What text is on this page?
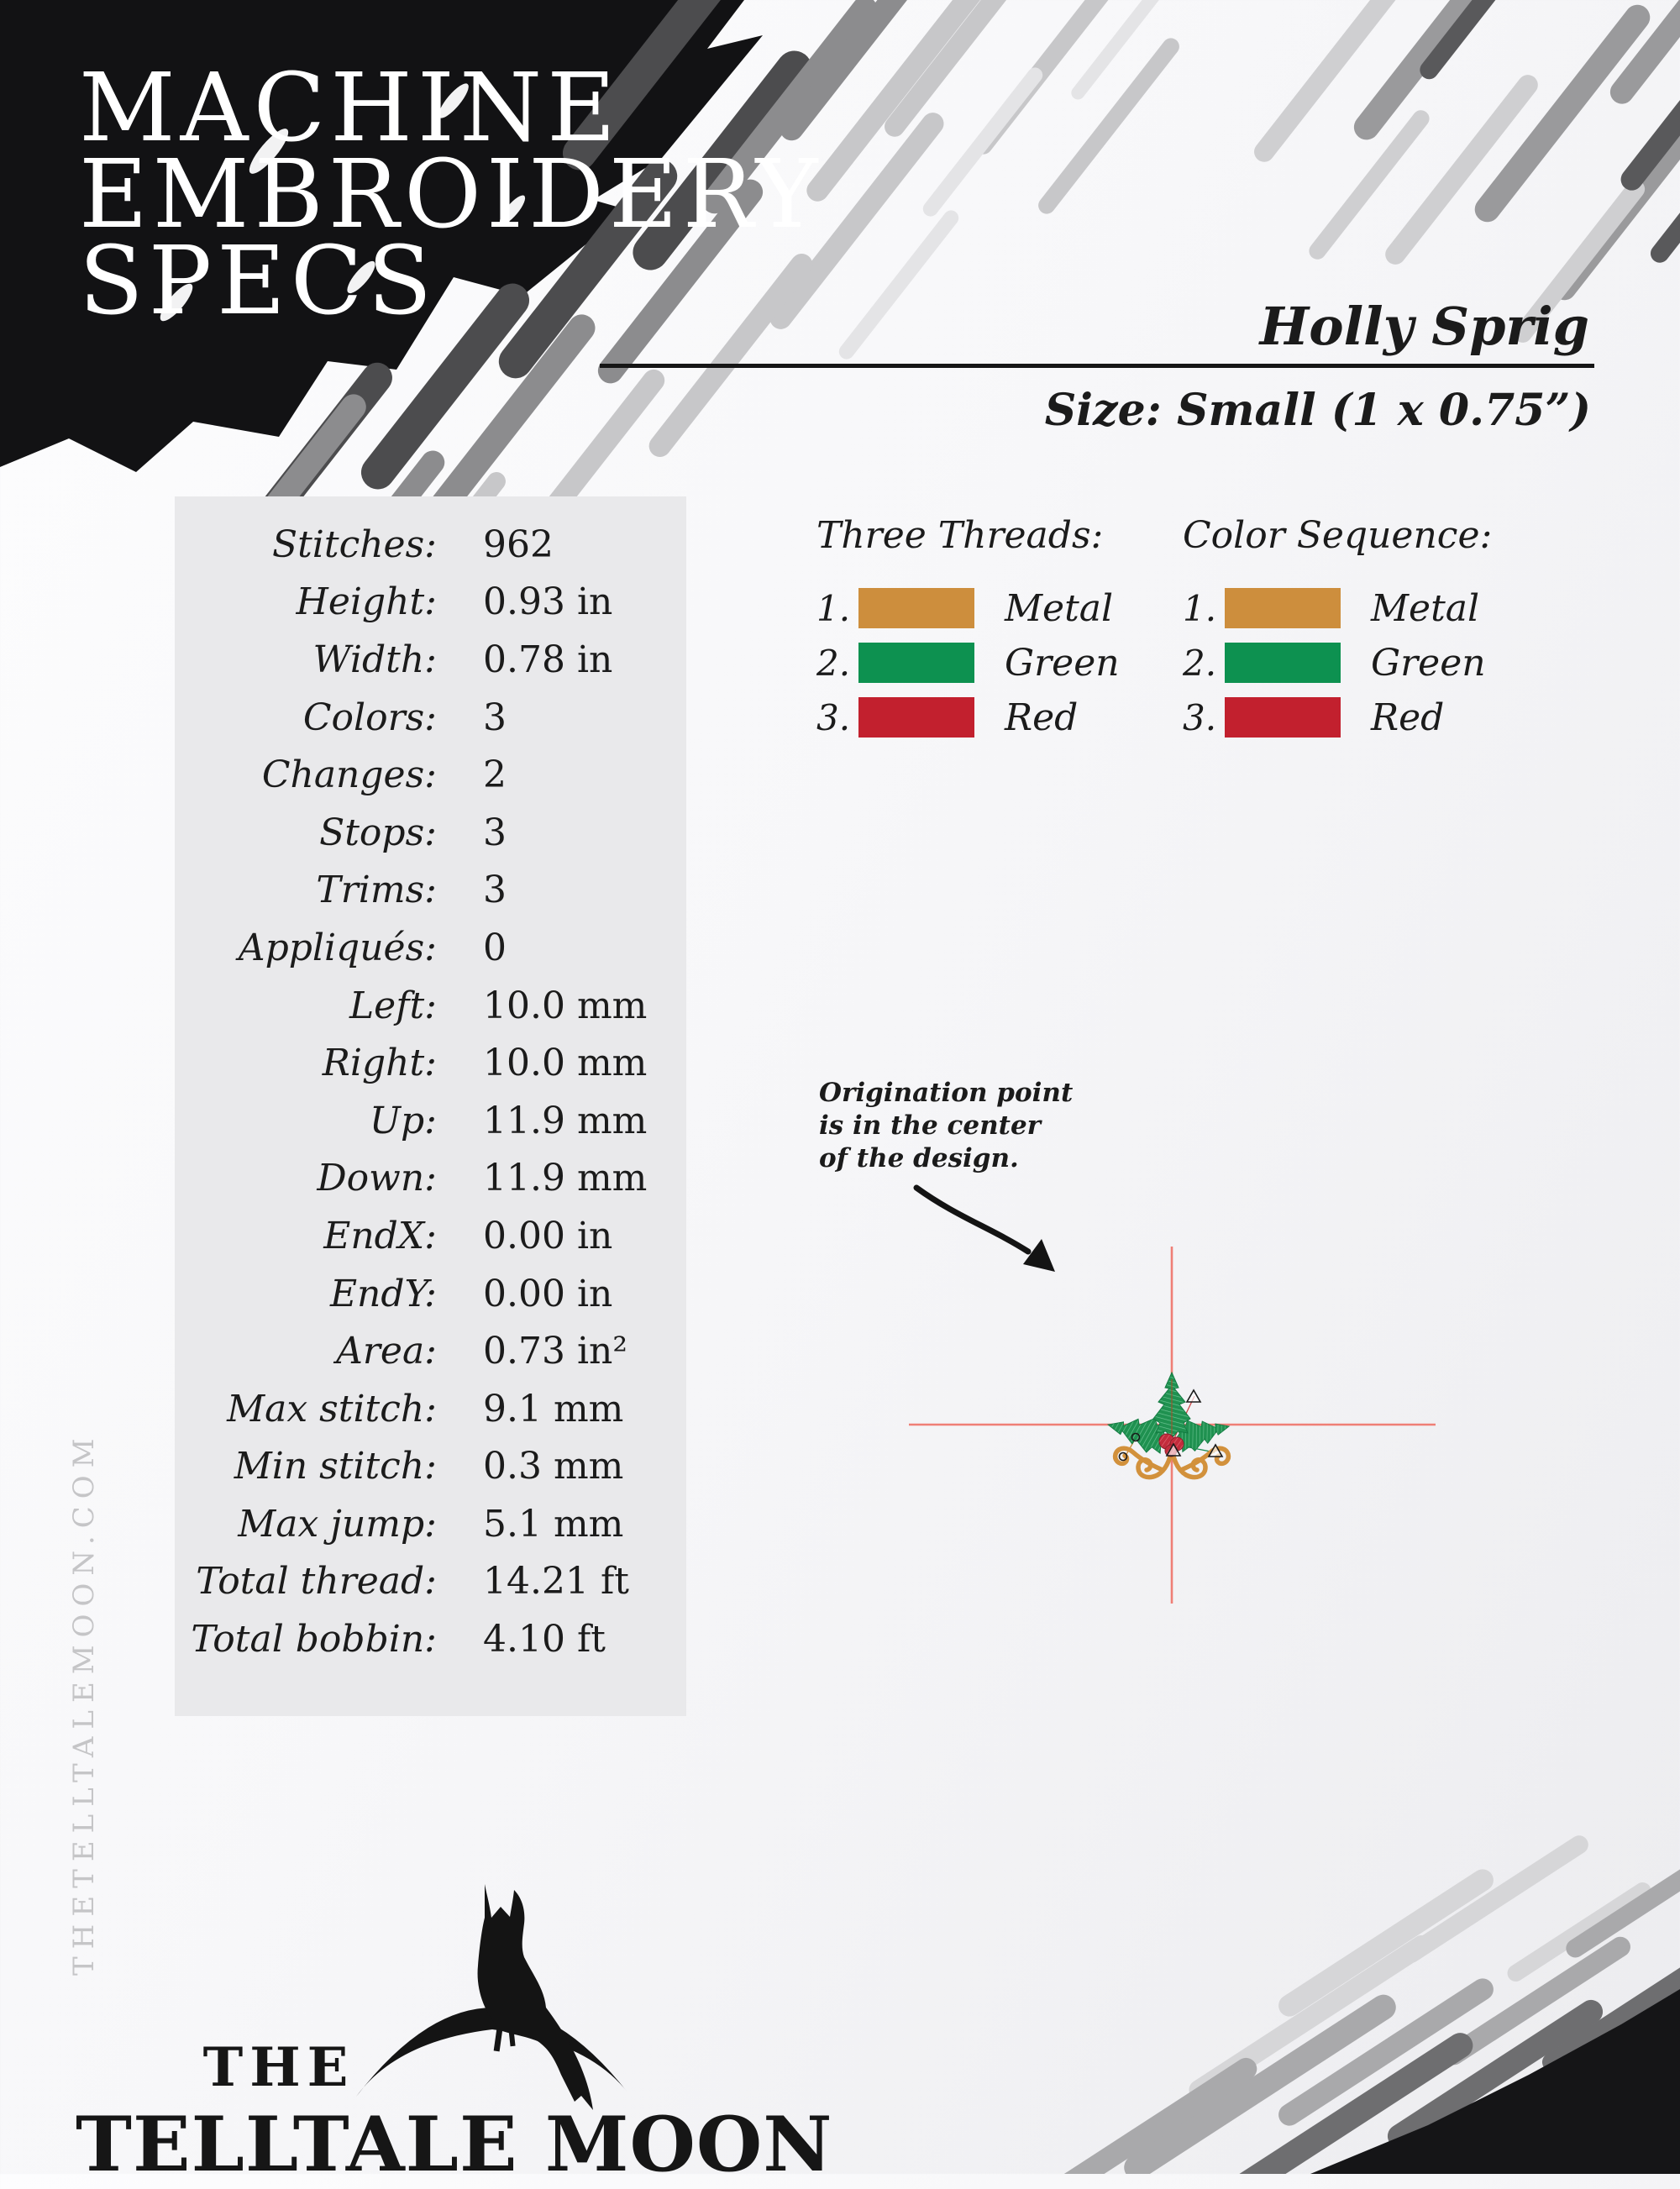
MACHINE
EMBROIDERY
SPECS	Holly Sprig
Size: Small (1 x 0.75”)
Stitches: 962
Height: 0.93 in
Width: 0.78 in
Colors: 3
Changes: 2
Stops: 3
Trims: 3
Appliqués: 0
Left: 10.0 mm
Right: 10.0 mm
Up: 11.9 mm
Down: 11.9 mm
EndX: 0.00 in
EndY: 0.00 in
Area: 0.73 in²
Max stitch: 9.1 mm
Min stitch: 0.3 mm
Max jump: 5.1 mm
Total thread: 14.21 ft
Total bobbin: 4.10 ft
Three Threads:
1.	Metal
2.	Green
3.	Red
Color Sequence:
1.	Metal
2.	Green
3.	Red
Origination point
is in the center
of the design.
THETELLTALEMOON.COM
THE
TELLTALE MOON
